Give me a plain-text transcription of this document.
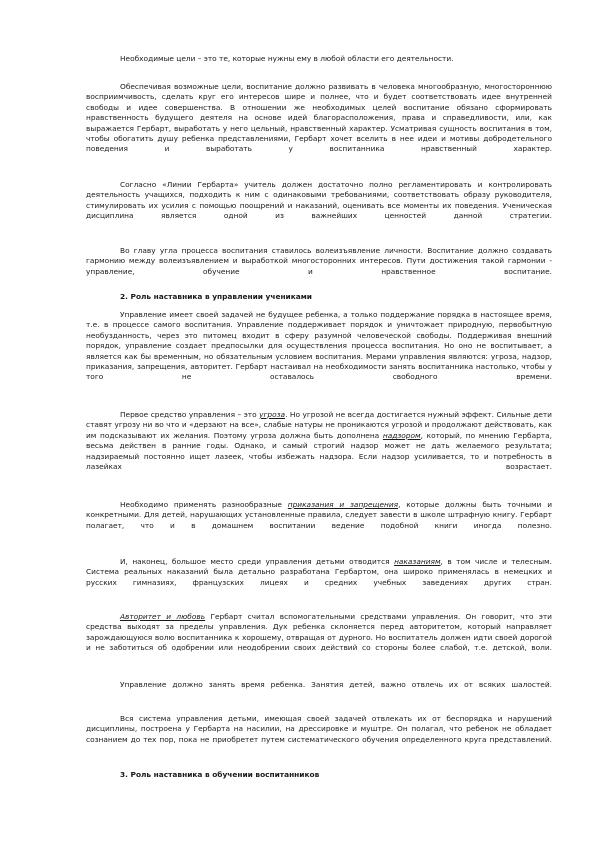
Необходимые цели – это те, которые нужны ему в любой области его деятельности.

Обеспечивая возможные цели, воспитание должно развивать в человека многообразную, многостороннюю восприимчивость, сделать круг его интересов шире и полнее, что и будет соответствовать идее внутренней свободы и идее совершенства. В отношении же необходимых целей воспитание обязано сформировать нравственность будущего деятеля на основе идей благорасположения, права и справедливости, или, как выражается Гербарт, выработать у него цельный, нравственный характер. Усматривая сущность воспитания в том, чтобы обогатить душу ребенка представлениями, Гербарт хочет вселить в нее идеи и мотивы добродетельного поведения и выработать у воспитанника нравственный характер.

Согласно «Линии Гербарта» учитель должен достаточно полно регламентировать и контролировать деятельность учащихся, подходить к ним с одинаковыми требованиями, соответствовать образу руководителя, стимулировать их усилия с помощью поощрений и наказаний, оценивать все моменты их поведения. Ученическая дисциплина является одной из важнейших ценностей данной стратегии.

Во главу угла процесса воспитания ставилось волеизъявление личности. Воспитание должно создавать гармонию между волеизъявлением и выработкой многосторонних интересов. Пути достижения такой гармонии - управление, обучение и нравственное воспитание.

2. Роль наставника в управлении учениками

Управление имеет своей задачей не будущее ребенка, а только поддержание порядка в настоящее время, т.е. в процессе самого воспитания. Управление поддерживает порядок и уничтожает природную, первобытную необузданность, через это питомец входит в сферу разумной человеческой свободы. Поддерживая внешний порядок, управление создает предпосылки для осуществления процесса воспитания. Но оно не воспитывает, а является как бы временным, но обязательным условием воспитания. Мерами управления являются: угроза, надзор, приказания, запрещения, авторитет. Гербарт настаивал на необходимости занять воспитанника настолько, чтобы у того не оставалось свободного времени.

Первое средство управления – это угроза. Но угрозой не всегда достигается нужный эффект. Сильные дети ставят угрозу ни во что и «дерзают на все», слабые натуры не проникаются угрозой и продолжают действовать, как им подсказывают их желания. Поэтому угроза должна быть дополнена надзором, который, по мнению Гербарта, весьма действен в ранние годы. Однако, и самый строгий надзор может не дать желаемого результата; надзираемый постоянно ищет лазеек, чтобы избежать надзора. Если надзор усиливается, то и потребность в лазейках возрастает.

Необходимо применять разнообразные приказания и запрещения, которые должны быть точными и конкретными. Для детей, нарушающих установленные правила, следует завести в школе штрафную книгу. Гербарт полагает, что и в домашнем воспитании ведение подобной книги иногда полезно.

И, наконец, большое место среди управления детьми отводится наказаниям, в том числе и телесным. Система реальных наказаний была детально разработана Гербартом, она широко применялась в немецких и русских гимназиях, французских лицеях и средних учебных заведениях других стран.

Авторитет и любовь Гербарт считал вспомогательными средствами управления. Он говорит, что эти средства выходят за пределы управления. Дух ребенка склоняется перед авторитетом, который направляет зарождающуюся волю воспитанника к хорошему, отвращая от дурного. Но воспитатель должен идти своей дорогой и не заботиться об одобрении или неодобрении своих действий со стороны более слабой, т.е. детской, воли.

Управление должно занять время ребенка. Занятия детей, важно отвлечь их от всяких шалостей.

Вся система управления детьми, имеющая своей задачей отвлекать их от беспорядка и нарушений дисциплины, построена у Гербарта на насилии, на дрессировке и муштре. Он полагал, что ребенок не обладает сознанием до тех пор, пока не приобретет путем систематического обучения определенного круга представлений.

3. Роль наставника в обучении воспитанников
